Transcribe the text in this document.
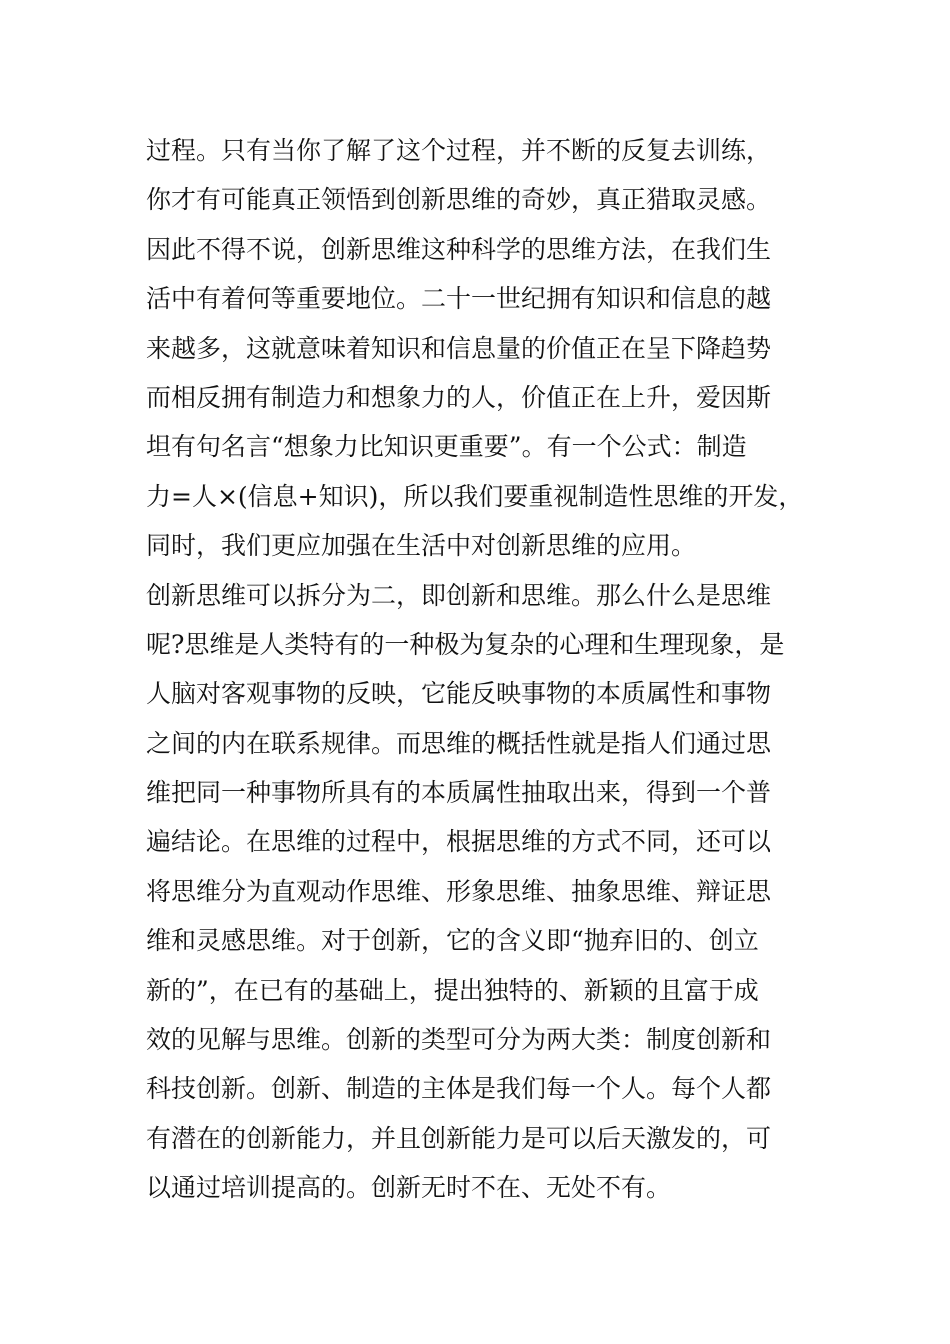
过程。只有当你了解了这个过程，并不断的反复去训练，
你才有可能真正领悟到创新思维的奇妙，真正猎取灵感。
因此不得不说，创新思维这种科学的思维方法，在我们生
活中有着何等重要地位。二十一世纪拥有知识和信息的越
来越多，这就意味着知识和信息量的价值正在呈下降趋势
而相反拥有制造力和想象力的人，价值正在上升，爱因斯
坦有句名言“想象力比知识更重要”。有一个公式：制造
力=人×(信息+知识)，所以我们要重视制造性思维的开发，
同时，我们更应加强在生活中对创新思维的应用。
创新思维可以拆分为二，即创新和思维。那么什么是思维
呢?思维是人类特有的一种极为复杂的心理和生理现象，是
人脑对客观事物的反映，它能反映事物的本质属性和事物
之间的内在联系规律。而思维的概括性就是指人们通过思
维把同一种事物所具有的本质属性抽取出来，得到一个普
遍结论。在思维的过程中，根据思维的方式不同，还可以
将思维分为直观动作思维、形象思维、抽象思维、辩证思
维和灵感思维。对于创新，它的含义即“抛弃旧的、创立
新的”，在已有的基础上，提出独特的、新颖的且富于成
效的见解与思维。创新的类型可分为两大类：制度创新和
科技创新。创新、制造的主体是我们每一个人。每个人都
有潜在的创新能力，并且创新能力是可以后天激发的，可
以通过培训提高的。创新无时不在、无处不有。
